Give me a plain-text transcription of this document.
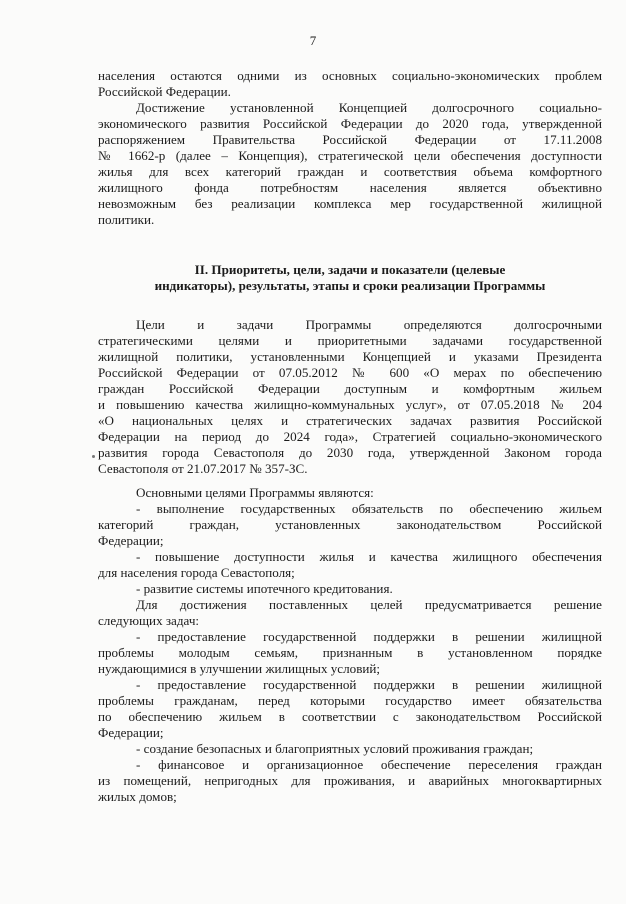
7
населения остаются одними из основных социально-экономических проблем
Российской Федерации.
Достижение установленной Концепцией долгосрочного социально-
экономического развития Российской Федерации до 2020 года, утвержденной
распоряжением Правительства Российской Федерации от 17.11.2008
№ 1662-р (далее – Концепция), стратегической цели обеспечения доступности
жилья для всех категорий граждан и соответствия объема комфортного
жилищного фонда потребностям населения является объективно
невозможным без реализации комплекса мер государственной жилищной
политики.
II. Приоритеты, цели, задачи и показатели (целевые
индикаторы), результаты, этапы и сроки реализации Программы
Цели и задачи Программы определяются долгосрочными
стратегическими целями и приоритетными задачами государственной
жилищной политики, установленными Концепцией и указами Президента
Российской Федерации от 07.05.2012 № 600 «О мерах по обеспечению
граждан Российской Федерации доступным и комфортным жильем
и повышению качества жилищно-коммунальных услуг», от 07.05.2018 № 204
«О национальных целях и стратегических задачах развития Российской
Федерации на период до 2024 года», Стратегией социально-экономического
развития города Севастополя до 2030 года, утвержденной Законом города
Севастополя от 21.07.2017 № 357-ЗС.
Основными целями Программы являются:
- выполнение государственных обязательств по обеспечению жильем
категорий граждан, установленных законодательством Российской
Федерации;
- повышение доступности жилья и качества жилищного обеспечения
для населения города Севастополя;
- развитие системы ипотечного кредитования.
Для достижения поставленных целей предусматривается решение
следующих задач:
- предоставление государственной поддержки в решении жилищной
проблемы молодым семьям, признанным в установленном порядке
нуждающимися в улучшении жилищных условий;
- предоставление государственной поддержки в решении жилищной
проблемы гражданам, перед которыми государство имеет обязательства
по обеспечению жильем в соответствии с законодательством Российской
Федерации;
- создание безопасных и благоприятных условий проживания граждан;
- финансовое и организационное обеспечение переселения граждан
из помещений, непригодных для проживания, и аварийных многоквартирных
жилых домов;
